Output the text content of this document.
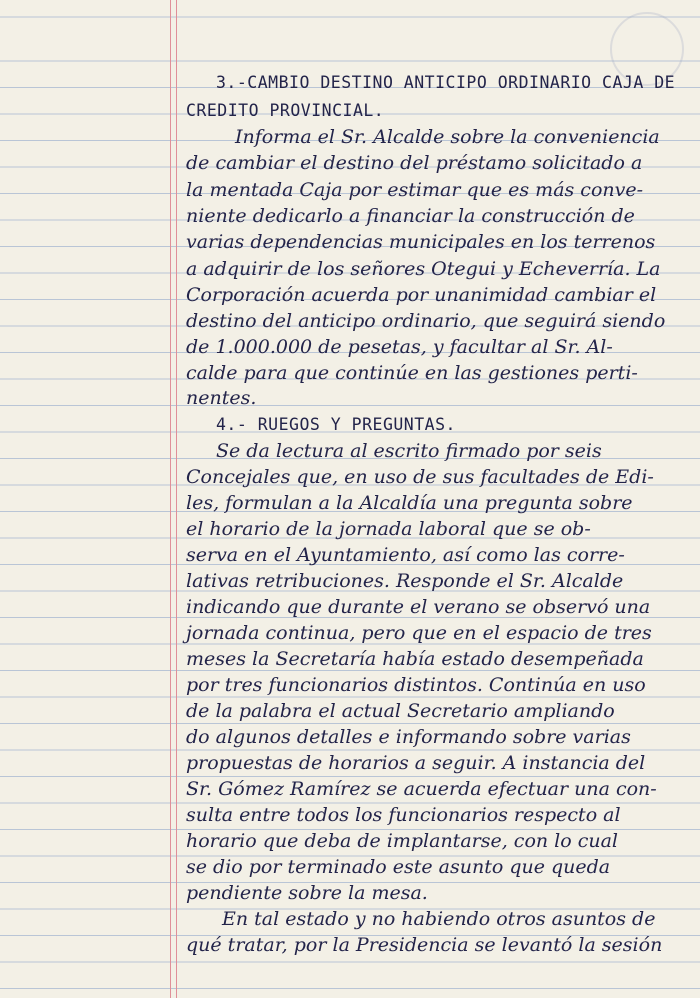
3.-CAMBIO DESTINO ANTICIPO ORDINARIO CAJA DE
CREDITO PROVINCIAL.
Informa el Sr. Alcalde sobre la conveniencia
de cambiar el destino del préstamo solicitado a
la mentada Caja por estimar que es más conve-
niente dedicarlo a financiar la construcción de
varias dependencias municipales en los terrenos
a adquirir de los señores Otegui y Echeverría. La
Corporación acuerda por unanimidad cambiar el
destino del anticipo ordinario, que seguirá siendo
de 1.000.000 de pesetas, y facultar al Sr. Al-
calde para que continúe en las gestiones perti-
nentes.
4.- RUEGOS Y PREGUNTAS.
Se da lectura al escrito firmado por seis
Concejales que, en uso de sus facultades de Edi-
les, formulan a la Alcaldía una pregunta sobre
el horario de la jornada laboral que se ob-
serva en el Ayuntamiento, así como las corre-
lativas retribuciones. Responde el Sr. Alcalde
indicando que durante el verano se observó una
jornada continua, pero que en el espacio de tres
meses la Secretaría había estado desempeñada
por tres funcionarios distintos. Continúa en uso
de la palabra el actual Secretario ampliando
do algunos detalles e informando sobre varias
propuestas de horarios a seguir. A instancia del
Sr. Gómez Ramírez se acuerda efectuar una con-
sulta entre todos los funcionarios respecto al
horario que deba de implantarse, con lo cual
se dio por terminado este asunto que queda
pendiente sobre la mesa.
En tal estado y no habiendo otros asuntos de
qué tratar, por la Presidencia se levantó la sesión
